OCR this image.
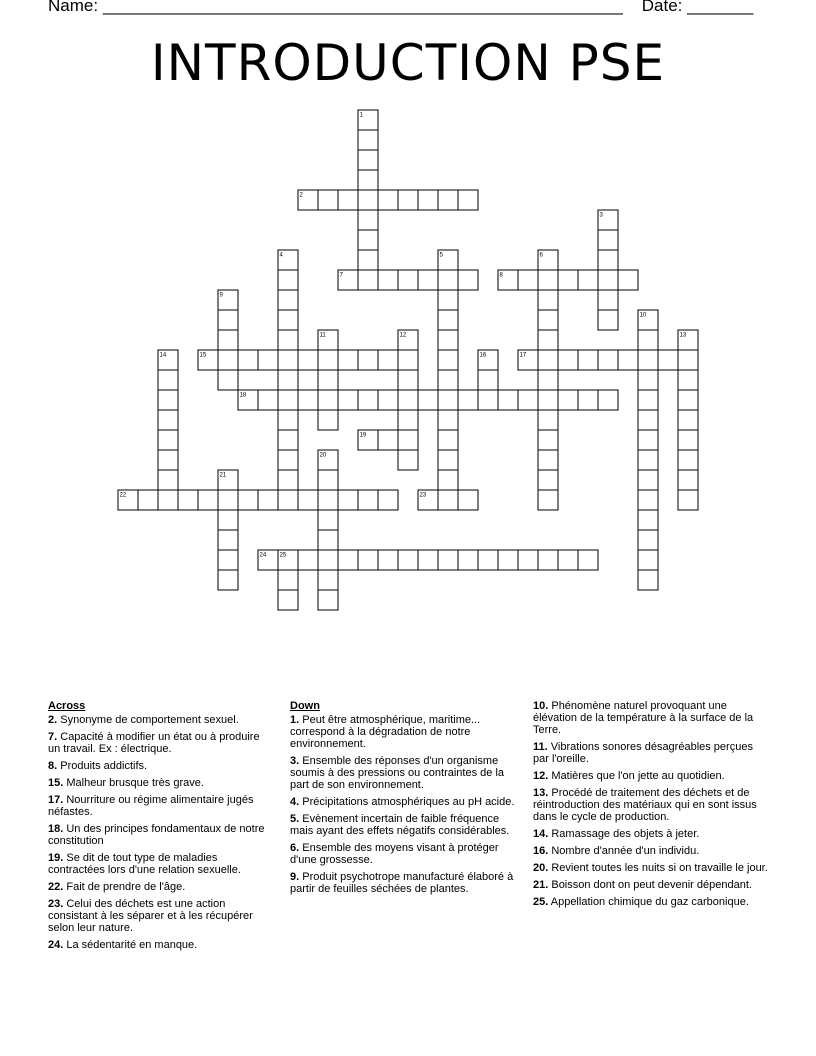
Name: _______________________________________________________ Date: _______
INTRODUCTION PSE
1
2
3
4	5	6
7	8
9
10
11	12	13
14	15	16	17
18
19
20
21
22	23
24 25
Across
2. Synonyme de comportement sexuel.
7. Capacité à modifier un état ou à produire un travail. Ex : électrique.
8. Produits addictifs.
15. Malheur brusque très grave.
17. Nourriture ou régime alimentaire jugés néfastes.
18. Un des principes fondamentaux de notre constitution
19. Se dit de tout type de maladies contractées lors d'une relation sexuelle.
22. Fait de prendre de l'âge.
23. Celui des déchets est une action consistant à les séparer et à les récupérer selon leur nature.
24. La sédentarité en manque.
Down
1. Peut être atmosphérique, maritime... correspond à la dégradation de notre environnement.
3. Ensemble des réponses d'un organisme soumis à des pressions ou contraintes de la part de son environnement.
4. Précipitations atmosphériques au pH acide.
5. Evènement incertain de faible fréquence mais ayant des effets négatifs considérables.
6. Ensemble des moyens visant à protéger d'une grossesse.
9. Produit psychotrope manufacturé élaboré à partir de feuilles séchées de plantes.
10. Phénomène naturel provoquant une élévation de la température à la surface de la Terre.
11. Vibrations sonores désagréables perçues par l'oreille.
12. Matières que l'on jette au quotidien.
13. Procédé de traitement des déchets et de réintroduction des matériaux qui en sont issus dans le cycle de production.
14. Ramassage des objets à jeter.
16. Nombre d'année d'un individu.
20. Revient toutes les nuits si on travaille le jour.
21. Boisson dont on peut devenir dépendant.
25. Appellation chimique du gaz carbonique.
